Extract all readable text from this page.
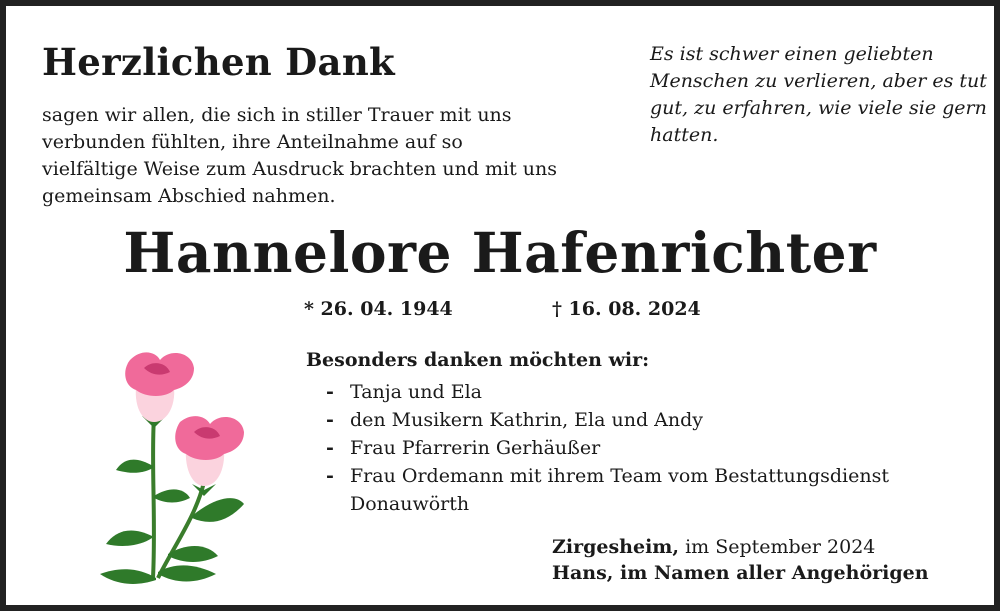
Herzlichen Dank
sagen wir allen, die sich in stiller Trauer mit uns verbunden fühlten, ihre Anteilnahme auf so vielfältige Weise zum Ausdruck brachten und mit uns gemeinsam Abschied nahmen.
Es ist schwer einen geliebten Menschen zu verlieren, aber es tut gut, zu erfahren, wie viele sie gern hatten.
Hannelore Hafenrichter
* 26. 04. 1944	† 16. 08. 2024
Besonders danken möchten wir:
- Tanja und Ela
- den Musikern Kathrin, Ela und Andy
- Frau Pfarrerin Gerhäußer
- Frau Ordemann mit ihrem Team vom Bestattungsdienst Donauwörth
Zirgesheim, im September 2024
Hans, im Namen aller Angehörigen
